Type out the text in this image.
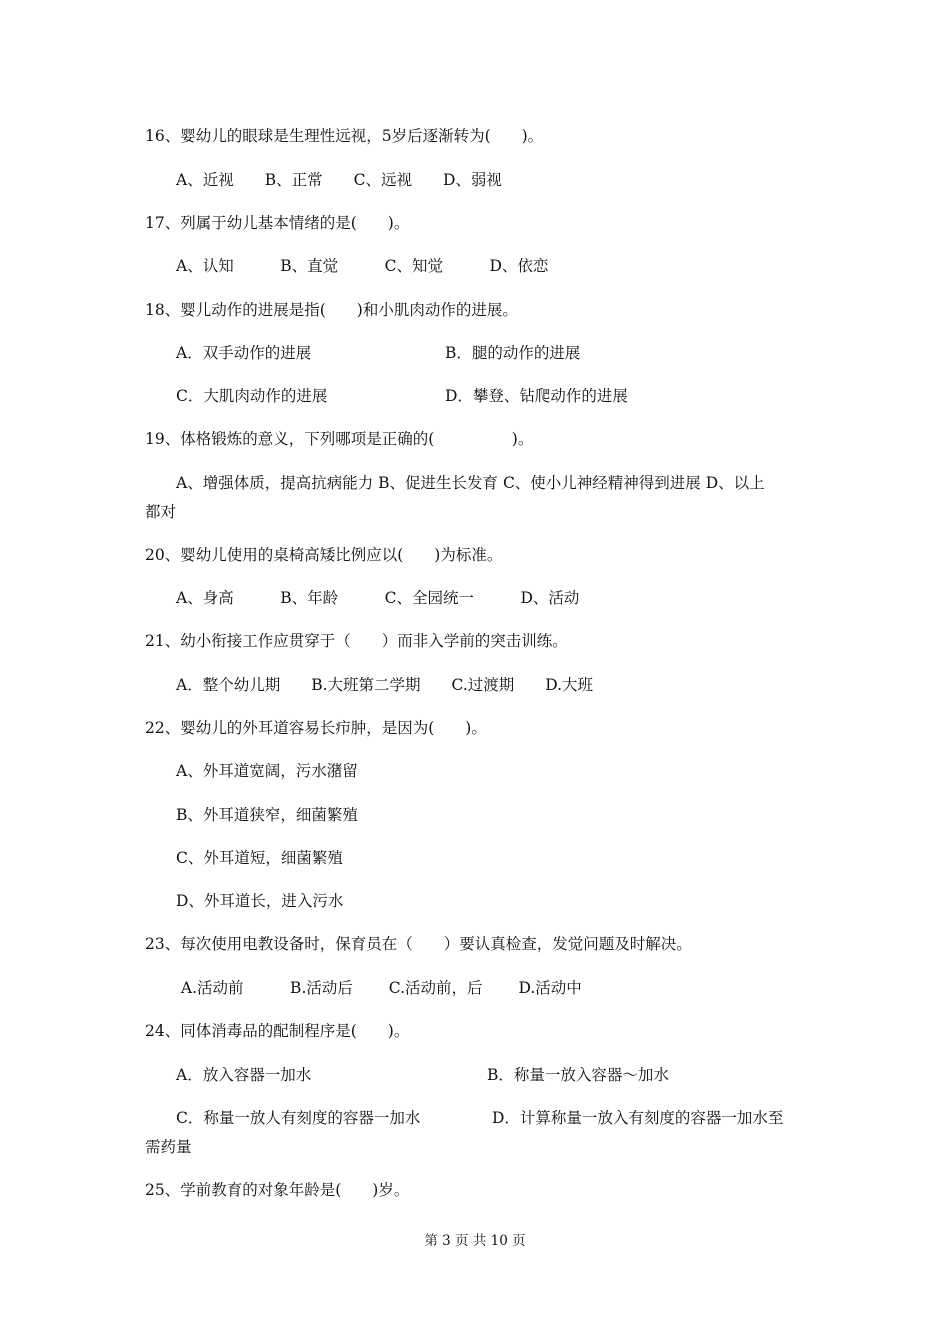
16、婴幼儿的眼球是生理性远视，5岁后逐渐转为(　　)。
A、近视　　B、正常　　C、远视　　D、弱视
17、列属于幼儿基本情绪的是(　　)。
A、认知　　　B、直觉　　　C、知觉　　　D、依恋
18、婴儿动作的进展是指(　　)和小肌肉动作的进展。
A．双手动作的进展	B．腿的动作的进展
C．大肌肉动作的进展	D．攀登、钻爬动作的进展
19、体格锻炼的意义，下列哪项是正确的(　　　　　)。
A、增强体质，提高抗病能力 B、促进生长发育 C、使小儿神经精神得到进展 D、以上
都对
20、婴幼儿使用的桌椅高矮比例应以(　　)为标准。
A、身高　　　B、年龄　　　C、全园统一　　　D、活动
21、幼小衔接工作应贯穿于（　　）而非入学前的突击训练。
A．整个幼儿期　　B.大班第二学期　　C.过渡期　　D.大班
22、婴幼儿的外耳道容易长疖肿，是因为(　　)。
A、外耳道宽阔，污水潴留
B、外耳道狭窄，细菌繁殖
C、外耳道短，细菌繁殖
D、外耳道长，进入污水
23、每次使用电教设备时，保育员在（　　）要认真检查，发觉问题及时解决。
A.活动前　　　B.活动后　　 C.活动前，后　　 D.活动中
24、同体消毒品的配制程序是(　　)。
A．放入容器一加水	B．称量一放入容器～加水
C．称量一放人有刻度的容器一加水	D．计算称量一放入有刻度的容器一加水至
需药量
25、学前教育的对象年龄是(　　)岁。
第 3 页 共 10 页
